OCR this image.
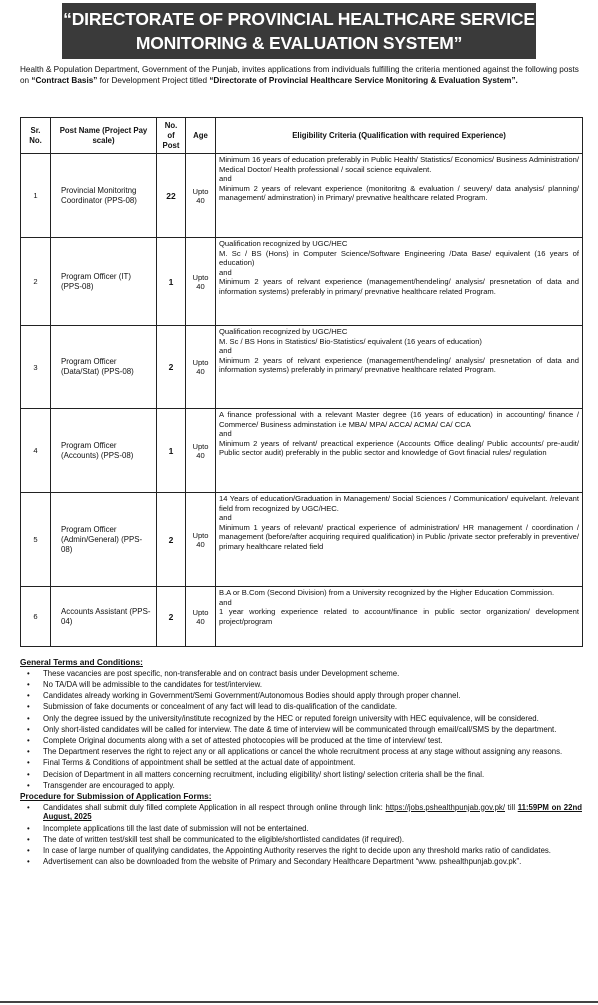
“DIRECTORATE OF PROVINCIAL HEALTHCARE SERVICE
MONITORING & EVALUATION SYSTEM”
Health & Population Department, Government of the Punjab, invites applications from individuals fulfilling the criteria mentioned against the following posts on “Contract Basis” for Development Project titled “Directorate of Provincial Healthcare Service Monitoring & Evaluation System”.
Sr. No.	Post Name (Project Pay scale)	No. of Post	Age	Eligibility Criteria (Qualification with required Experience)
1	Provincial Monitoritng Coordinator (PPS-08)	22	Upto 40	Minimum 16 years of education preferably in Public Health/ Statistics/ Economics/ Business Administration/ Medical Doctor/ Health professional / socail science equivalent.
and
Minimum 2 years of relevant experience (monitoritng & evaluation / seuvery/ data analysis/ planning/ management/ adminstration) in Primary/ prevnative healthcare related Program.

2	Program Officer (IT) (PPS-08)	1	Upto 40	Qualification recognized by UGC/HEC
M. Sc / BS (Hons) in Computer Science/Software Engineering /Data Base/ equivalent (16 years of education)
and
Minimum 2 years of relvant experience (management/hendeling/ analysis/ presnetation of data and information systems) preferably in primary/ prevnative healthcare related Program.

3	Program Officer (Data/Stat) (PPS-08)	2	Upto 40	Qualification recognized by UGC/HEC
M. Sc / BS Hons in Statistics/ Bio-Statistics/ equivalent (16 years of education)
and
Minimum 2 years of relvant experience (management/hendeling/ analysis/ presnetation of data and information systems) preferably in primary/ prevnative healthcare related Program.

4	Program Officer (Accounts) (PPS-08)	1	Upto 40	A finance professional with a relevant Master degree (16 years of education) in accounting/ finance / Commerce/ Business adminstation i.e MBA/ MPA/ ACCA/ ACMA/ CA/ CCA
and
Minimum 2 years of relvant/ preactical experience (Accounts Office dealing/ Public accounts/ pre-audit/ Public sector audit) preferably in the public sector and knowledge of Govt finacial rules/ regulation

5	Program Officer (Admin/General) (PPS-08)	2	Upto 40	14 Years of education/Graduation in Management/ Social Sciences / Communication/ equivelant. /relevant field from recognized by UGC/HEC.
and
Minimum 1 years of relevant/ practical experience of administration/ HR management / coordination / management (before/after acquiring required qualification) in Public /private sector preferably in preventive/ primary healthcare related field

6	Accounts Assistant (PPS-04)	2	Upto 40	B.A or B.Com (Second Division) from a University recognized by the Higher Education Commission.
and
1 year working experience related to account/finance in public sector organization/ development project/program
General Terms and Conditions:
• These vacancies are post specific, non-transferable and on contract basis under Development scheme.
• No TA/DA will be admissible to the candidates for test/interview.
• Candidates already working in Government/Semi Government/Autonomous Bodies should apply through proper channel.
• Submission of fake documents or concealment of any fact will lead to dis-qualification of the candidate.
• Only the degree issued by the university/institute recognized by the HEC or reputed foreign university with HEC equivalence, will be considered.
• Only short-listed candidates will be called for interview. The date & time of interview will be communicated through email/call/SMS by the department.
• Complete Original documents along with a set of attested photocopies will be produced at the time of interview/ test.
• The Department reserves the right to reject any or all applications or cancel the whole recruitment process at any stage without assigning any reasons.
• Final Terms & Conditions of appointment shall be settled at the actual date of appointment.
• Decision of Department in all matters concerning recruitment, including eligibility/ short listing/ selection criteria shall be the final.
• Transgender are encouraged to apply.
Procedure for Submission of Application Forms:
• Candidates shall submit duly filled complete Application in all respect through online through link: https://jobs.pshealthpunjab.gov.pk/ till 11:59PM on 22nd August, 2025
• Incomplete applications till the last date of submission will not be entertained.
• The date of written test/skill test shall be communicated to the eligible/shortlisted candidates (if required).
• In case of large number of qualifying candidates, the Appointing Authority reserves the right to decide upon any threshold marks ratio of candidates.
• Advertisement can also be downloaded from the website of Primary and Secondary Healthcare Department “www. pshealthpunjab.gov.pk”.
